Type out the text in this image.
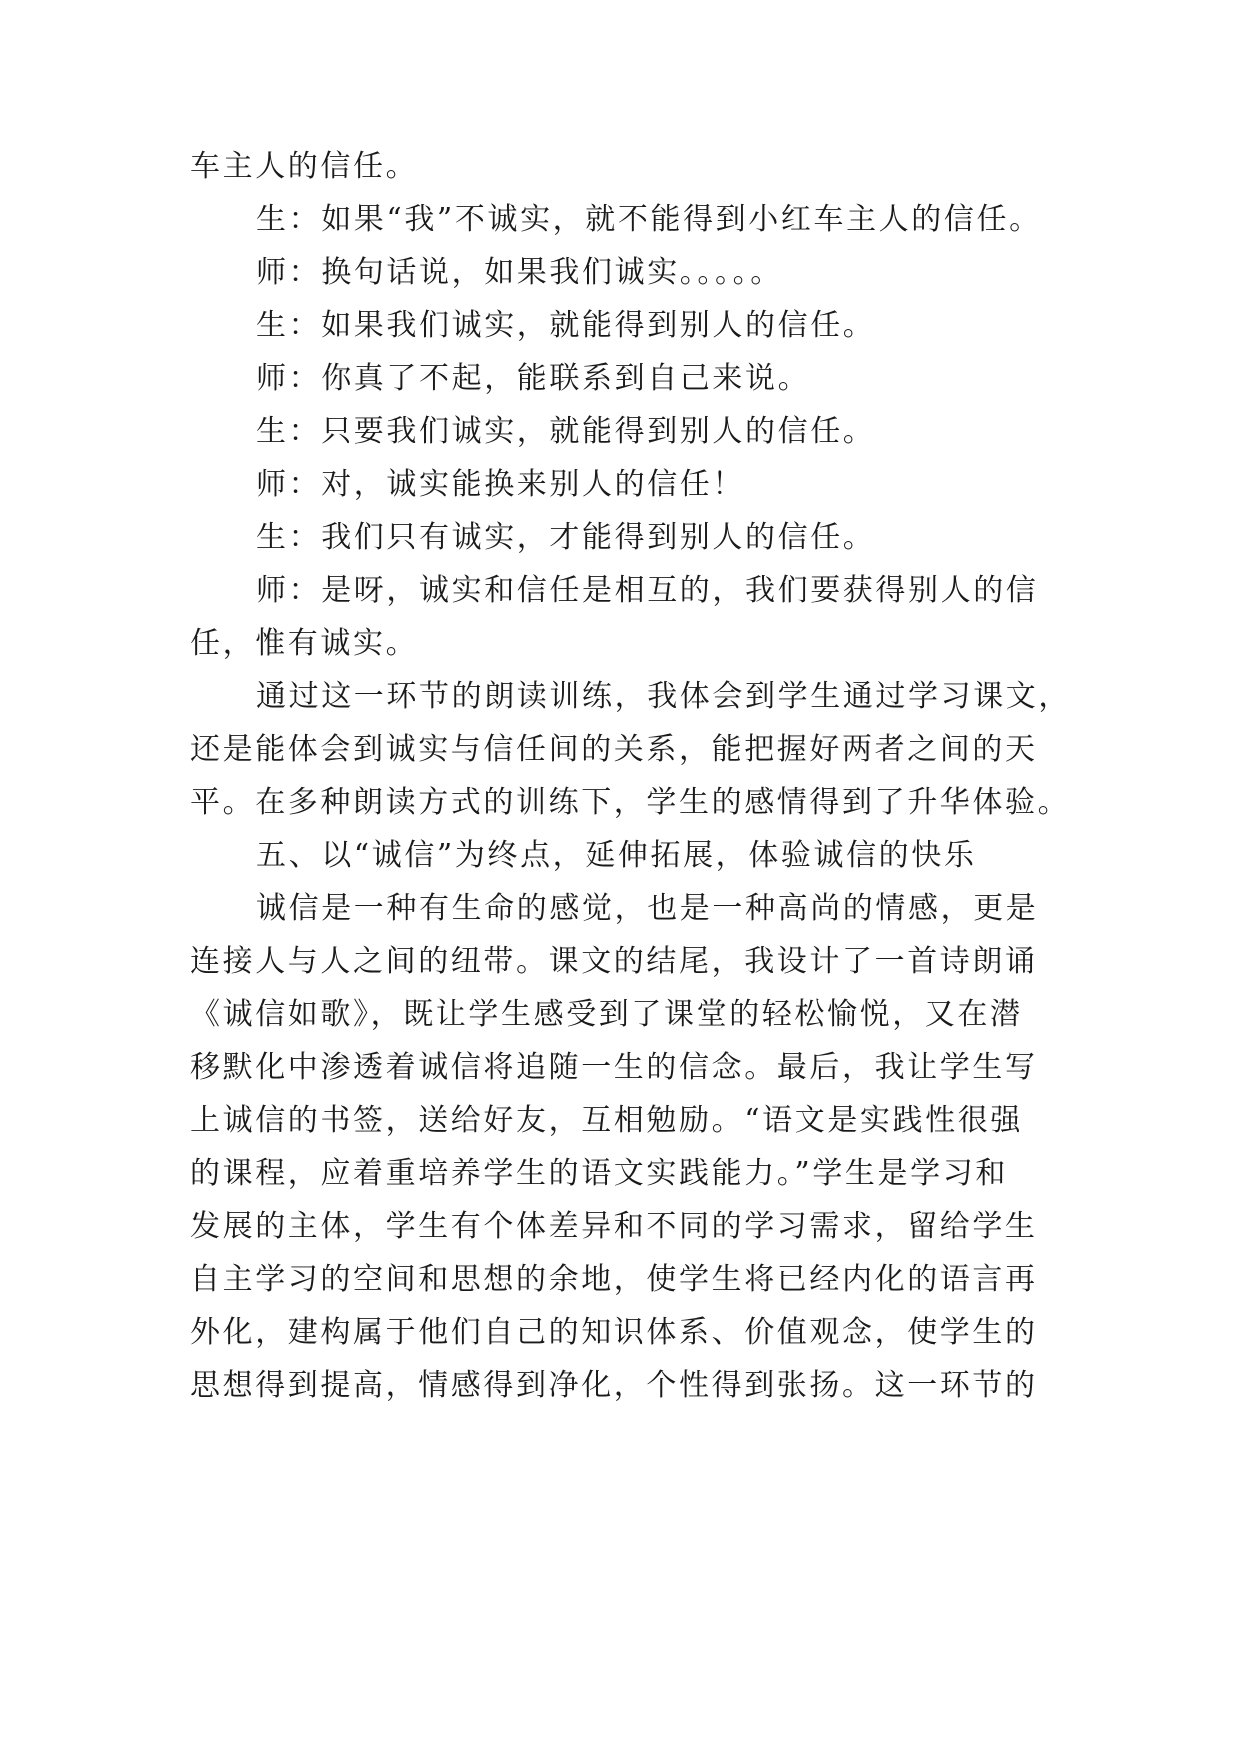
车主人的信任。
生：如果“我”不诚实，就不能得到小红车主人的信任。
师：换句话说，如果我们诚实。。。。。
生：如果我们诚实，就能得到别人的信任。
师：你真了不起，能联系到自己来说。
生：只要我们诚实，就能得到别人的信任。
师：对，诚实能换来别人的信任！
生：我们只有诚实，才能得到别人的信任。
师：是呀，诚实和信任是相互的，我们要获得别人的信
任，惟有诚实。
通过这一环节的朗读训练，我体会到学生通过学习课文，
还是能体会到诚实与信任间的关系，能把握好两者之间的天
平。在多种朗读方式的训练下，学生的感情得到了升华体验。
五、以“诚信”为终点，延伸拓展，体验诚信的快乐
诚信是一种有生命的感觉，也是一种高尚的情感，更是
连接人与人之间的纽带。课文的结尾，我设计了一首诗朗诵
《诚信如歌》，既让学生感受到了课堂的轻松愉悦，又在潜
移默化中渗透着诚信将追随一生的信念。最后，我让学生写
上诚信的书签，送给好友，互相勉励。“语文是实践性很强
的课程，应着重培养学生的语文实践能力。”学生是学习和
发展的主体，学生有个体差异和不同的学习需求，留给学生
自主学习的空间和思想的余地，使学生将已经内化的语言再
外化，建构属于他们自己的知识体系、价值观念，使学生的
思想得到提高，情感得到净化，个性得到张扬。这一环节的
